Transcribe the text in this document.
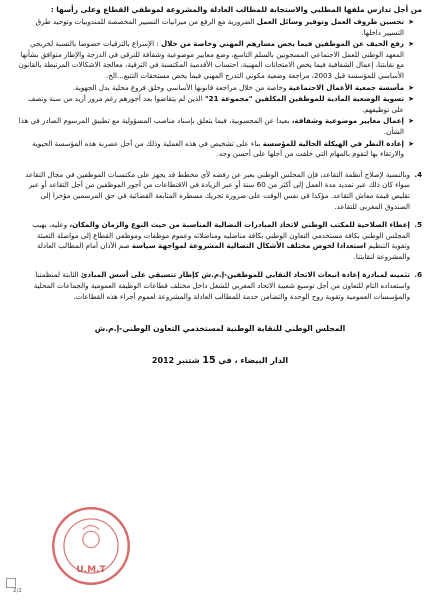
من أجل تدارس ملفها المطلبي والاستجابة للمطالب العادلة والمشروعة لموظفي القطاع وعلى رأسها :

➤
تحسين ظروف العمل وتوفير وسائل العمل الضرورية مع الرفع من ميزانيات التسيير المخصصة للمندوبيات وتوحيد طرق التسيير داخلها.
➤
رفع الحيف عن الموظفين فيما يخص مسارهم المهني وخاصة من خلال : الإسراع بالترقيات خصوصا بالنسبة لخريجي المعهد الوطني للعمل الاجتماعي المسجونين بالسلم التاسع، وضع معايير موضوعية وشفافة للترقي في الدرجة والإطار متوافق بشأنها مع نقابتنا، إعمال الشفافية فيما يخص الامتحانات المهنية، احتساب الأقدمية المكتسبة في الترقية، معالجة الاشكالات المرتبطة بالقانون الأساسي للمؤسسة قبل 2003، مراجعة وضعية مكوني التدرج المهني فيما يخص مستحقات التتبع...الخ.
➤
مأسسة جمعية الأعمال الاجتماعية وخاصة من خلال مراجعة قانونها الأساسي وخلق فروع محلية بدل الجهوية.
➤
تسوية الوضعية المادية للموظفين المكلفين "مجموعة 21" الذين لم يتقاضوا بعد أجورهم رغم مرور أزيد من سنة ونصف على توظيفهم.
➤
إعمال معايير موضوعية وشفافة، بعيدا عن المحسوبية، فيما يتعلق بإسناد مناصب المسؤولية مع تطبيق المرسوم الصادر في هذا الشأن.
➤
إعادة النظر في الهيكلة الحالية للمؤسسة بناء على تشخيص في هذه العملية وذلك من أجل عصرنة هذه المؤسسة الحيوية والارتقاء بها لتقوم بالمهام التي خلقت من أجلها على أحسن وجه.
4.
وبالنسبة لإصلاح أنظمة التقاعد، فإن المجلس الوطني يعبر عن رفضه لأي مخطط قد يجهز على مكتسبات الموظفين في مجال التقاعد سواء كان ذلك عبر تمديد مدة العمل إلى أكثر من 60 سنة أو عبر الزيادة في الاقتطاعات من أجور الموظفين من أجل التقاعد أو عبر تقليص قيمة معاش التقاعد. مؤكدا في نفس الوقت على ضرورة تحريك مسطرة المتابعة القضائية في حق المرسمين مؤخرا إلى الصندوق المغربي للتقاعد.
5.
إعطاء الصلاحية للمكتب الوطني لاتخاذ المبادرات النضالية المناسبة من حيث النوع والزمان والمكان، وعليه، يهيب المجلس الوطني بكافة مستخدمي التعاون الوطني بكافة مناضليه ومناضلاته وعموم موظفات وموظفي القطاع إلى مواصلة التعبئة وتقوية التنظيم استعدادا لخوض مختلف الأشكال النضالية المشروعة لمواجهة سياسة صم الآذان أمام المطالب العادلة والمشروعة لنقابتنا.
6.
تثمينه لمبادرة إعادة انبعاث الاتحاد النقابي للموظفين-إ.م.ش كإطار تنسيقي على أسس المبادئ الثابتة لمنظمتنا واستعداده التام للتعاون من أجل توسيع شعبية الاتحاد المغربي للشغل داخل مختلف قطاعات الوظيفة العمومية والجماعات المحلية والمؤسسات العمومية وتقوية روح الوحدة والتضامن خدمة للمطالب العادلة والمشروعة لعموم أجراء هذه القطاعات.
المجلس الوطني للنقابة الوطنية لمستخدمي التعاون الوطني-إ.م.ش
الدار البيضاء ، في 15 شتنبر 2012
U.M.T
2/2
